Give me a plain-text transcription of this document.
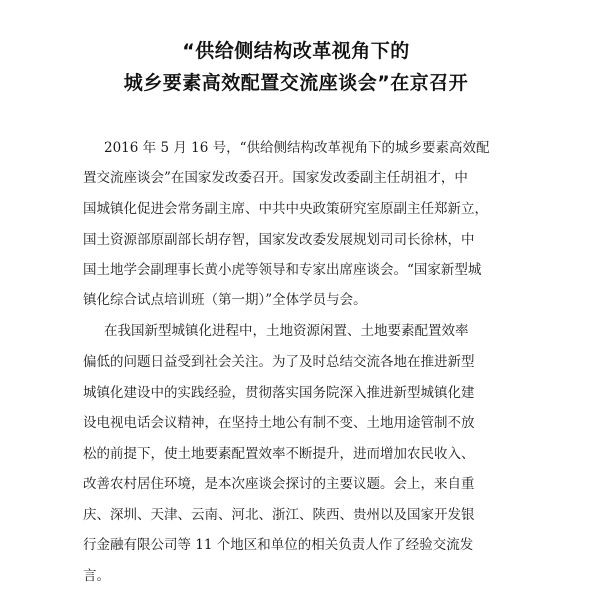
“供给侧结构改革视角下的
城乡要素高效配置交流座谈会”在京召开
2016 年 5 月 16 号，“供给侧结构改革视角下的城乡要素高效配
置交流座谈会”在国家发改委召开。国家发改委副主任胡祖才，中
国城镇化促进会常务副主席、中共中央政策研究室原副主任郑新立，
国土资源部原副部长胡存智，国家发改委发展规划司司长徐林，中
国土地学会副理事长黄小虎等领导和专家出席座谈会。“国家新型城
镇化综合试点培训班（第一期）”全体学员与会。
在我国新型城镇化进程中，土地资源闲置、土地要素配置效率
偏低的问题日益受到社会关注。为了及时总结交流各地在推进新型
城镇化建设中的实践经验，贯彻落实国务院深入推进新型城镇化建
设电视电话会议精神，在坚持土地公有制不变、土地用途管制不放
松的前提下，使土地要素配置效率不断提升，进而增加农民收入、
改善农村居住环境，是本次座谈会探讨的主要议题。会上，来自重
庆、深圳、天津、云南、河北、浙江、陕西、贵州以及国家开发银
行金融有限公司等 11 个地区和单位的相关负责人作了经验交流发
言。
